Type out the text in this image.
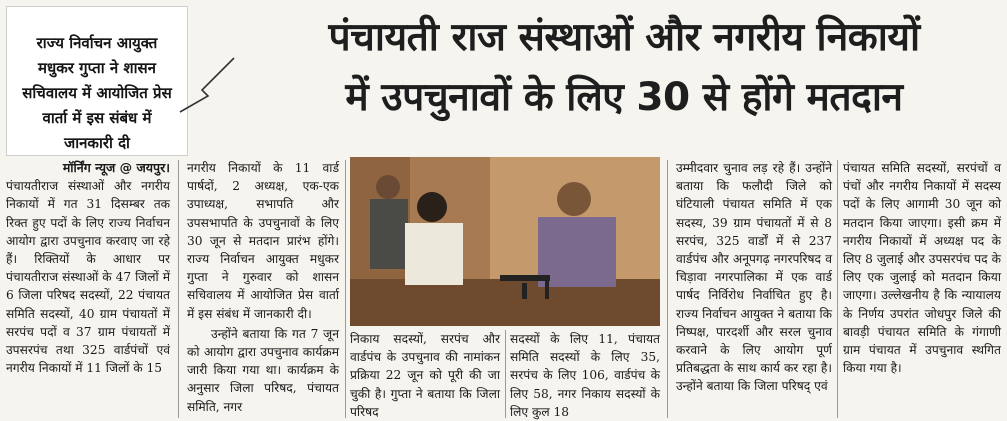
राज्य निर्वाचन आयुक्त मधुकर गुप्ता ने शासन सचिवालय में आयोजित प्रेस वार्ता में इस संबंध में जानकारी दी
पंचायती राज संस्थाओं और नगरीय निकायों
में उपचुनावों के लिए 30 से होंगे मतदान
मॉर्निंग न्यूज @ जयपुर।
पंचायतीराज संस्थाओं और नगरीय निकायों में गत 31 दिसम्बर तक रिक्त हुए पदों के लिए राज्य निर्वाचन आयोग द्वारा उपचुनाव करवाए जा रहे हैं। रिक्तियों के आधार पर पंचायतीराज संस्थाओं के 47 जिलों में 6 जिला परिषद सदस्यों, 22 पंचायत समिति सदस्यों, 40 ग्राम पंचायतों में सरपंच पदों व 37 ग्राम पंचायतों में उपसरपंच तथा 325 वार्डपंचों एवं नगरीय निकायों में 11 जिलों के 15
नगरीय निकायों के 11 वार्ड पार्षदों, 2 अध्यक्ष, एक-एक उपाध्यक्ष, सभापति और उपसभापति के उपचुनावों के लिए 30 जून से मतदान प्रारंभ होंगे। राज्य निर्वाचन आयुक्त मधुकर गुप्ता ने गुरुवार को शासन सचिवालय में आयोजित प्रेस वार्ता में इस संबंध में जानकारी दी।
उन्होंने बताया कि गत 7 जून को आयोग द्वारा उपचुनाव कार्यक्रम जारी किया गया था। कार्यक्रम के अनुसार जिला परिषद, पंचायत समिति, नगर
निकाय सदस्यों, सरपंच और वार्डपंच के उपचुनाव की नामांकन प्रक्रिया 22 जून को पूरी की जा चुकी है। गुप्ता ने बताया कि जिला परिषद
सदस्यों के लिए 11, पंचायत समिति सदस्यों के लिए 35, सरपंच के लिए 106, वार्डपंच के लिए 58, नगर निकाय सदस्यों के लिए कुल 18
उम्मीदवार चुनाव लड़ रहे हैं। उन्होंने बताया कि फलौदी जिले को घंटियाली पंचायत समिति में एक सदस्य, 39 ग्राम पंचायतों में से 8 सरपंच, 325 वार्डों में से 237 वार्डपंच और अनूपगढ़ नगरपरिषद व चिड़ावा नगरपालिका में एक वार्ड पार्षद निर्विरोध निर्वाचित हुए है। राज्य निर्वाचन आयुक्त ने बताया कि निष्पक्ष, पारदर्शी और सरल चुनाव करवाने के लिए आयोग पूर्ण प्रतिबद्धता के साथ कार्य कर रहा है। उन्होंने बताया कि जिला परिषद् एवं
पंचायत समिति सदस्यों, सरपंचों व पंचों और नगरीय निकायों में सदस्य पदों के लिए आगामी 30 जून को मतदान किया जाएगा। इसी क्रम में नगरीय निकायों में अध्यक्ष पद के लिए 8 जुलाई और उपसरपंच पद के लिए एक जुलाई को मतदान किया जाएगा। उल्लेखनीय है कि न्यायालय के निर्णय उपरांत जोधपुर जिले की बावड़ी पंचायत समिति के गंगाणी ग्राम पंचायत में उपचुनाव स्थगित किया गया है।
